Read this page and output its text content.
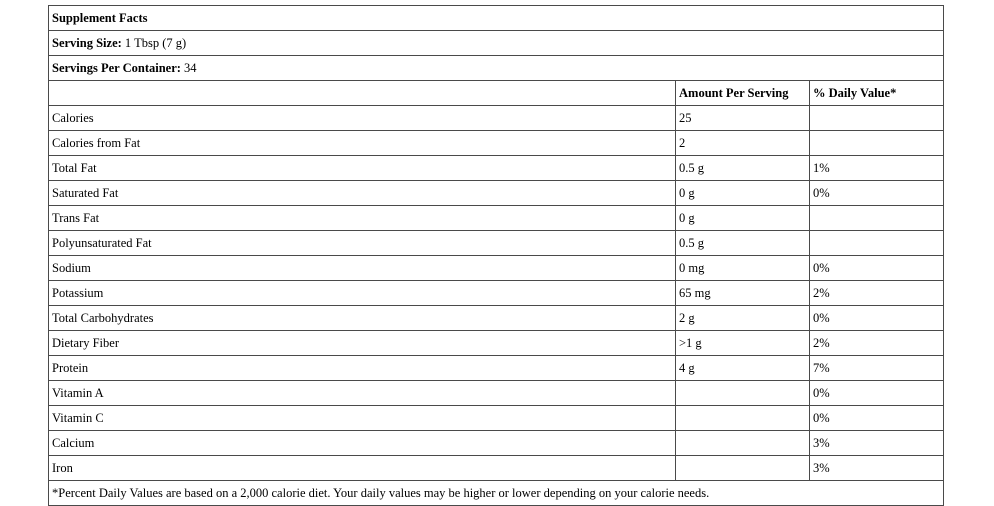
Supplement Facts		
Serving Size: 1 Tbsp (7 g)		
Servings Per Container: 34		
	Amount Per Serving	% Daily Value*
Calories	25	
Calories from Fat	2	
Total Fat	0.5 g	1%
Saturated Fat	0 g	0%
Trans Fat	0 g	
Polyunsaturated Fat	0.5 g	
Sodium	0 mg	0%
Potassium	65 mg	2%
Total Carbohydrates	2 g	0%
Dietary Fiber	>1 g	2%
Protein	4 g	7%
Vitamin A		0%
Vitamin C		0%
Calcium		3%
Iron		3%
*Percent Daily Values are based on a 2,000 calorie diet. Your daily values may be higher or lower depending on your calorie needs.		
